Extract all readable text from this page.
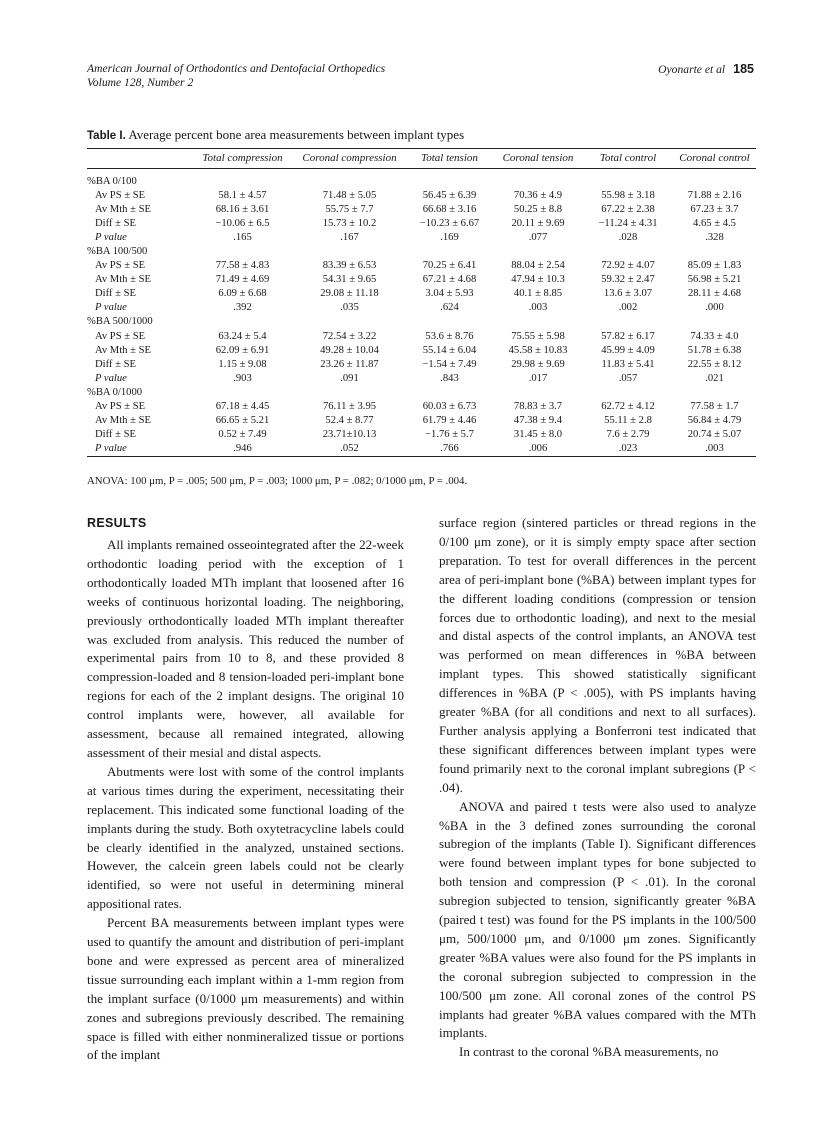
American Journal of Orthodontics and Dentofacial Orthopedics
Volume 128, Number 2
Oyonarte et al 185
Table I. Average percent bone area measurements between implant types
	Total compression	Coronal compression	Total tension	Coronal tension	Total control	Coronal control

%BA 0/100						
Av PS ± SE	58.1 ± 4.57	71.48 ± 5.05	56.45 ± 6.39	70.36 ± 4.9	55.98 ± 3.18	71.88 ± 2.16
Av Mth ± SE	68.16 ± 3.61	55.75 ± 7.7	66.68 ± 3.16	50.25 ± 8.8	67.22 ± 2.38	67.23 ± 3.7
Diff ± SE	−10.06 ± 6.5	15.73 ± 10.2	−10.23 ± 6.67	20.11 ± 9.69	−11.24 ± 4.31	4.65 ± 4.5
P value	.165	.167	.169	.077	.028	.328
%BA 100/500						
Av PS ± SE	77.58 ± 4.83	83.39 ± 6.53	70.25 ± 6.41	88.04 ± 2.54	72.92 ± 4.07	85.09 ± 1.83
Av Mth ± SE	71.49 ± 4.69	54.31 ± 9.65	67.21 ± 4.68	47.94 ± 10.3	59.32 ± 2.47	56.98 ± 5.21
Diff ± SE	6.09 ± 6.68	29.08 ± 11.18	3.04 ± 5.93	40.1 ± 8.85	13.6 ± 3.07	28.11 ± 4.68
P value	.392	.035	.624	.003	.002	.000
%BA 500/1000						
Av PS ± SE	63.24 ± 5.4	72.54 ± 3.22	53.6 ± 8.76	75.55 ± 5.98	57.82 ± 6.17	74.33 ± 4.0
Av Mth ± SE	62.09 ± 6.91	49.28 ± 10.04	55.14 ± 6.04	45.58 ± 10.83	45.99 ± 4.09	51.78 ± 6.38
Diff ± SE	1.15 ± 9.08	23.26 ± 11.87	−1.54 ± 7.49	29.98 ± 9.69	11.83 ± 5.41	22.55 ± 8.12
P value	.903	.091	.843	.017	.057	.021
%BA 0/1000						
Av PS ± SE	67.18 ± 4.45	76.11 ± 3.95	60.03 ± 6.73	78.83 ± 3.7	62.72 ± 4.12	77.58 ± 1.7
Av Mth ± SE	66.65 ± 5.21	52.4 ± 8.77	61.79 ± 4.46	47.38 ± 9.4	55.11 ± 2.8	56.84 ± 4.79
Diff ± SE	0.52 ± 7.49	23.71±10.13	−1.76 ± 5.7	31.45 ± 8.0	7.6 ± 2.79	20.74 ± 5.07
P value	.946	.052	.766	.006	.023	.003
ANOVA: 100 μm, P = .005; 500 μm, P = .003; 1000 μm, P = .082; 0/1000 μm, P = .004.
RESULTS

All implants remained osseointegrated after the 22-week orthodontic loading period with the exception of 1 orthodontically loaded MTh implant that loosened after 16 weeks of continuous horizontal loading. The neighboring, previously orthodontically loaded MTh implant thereafter was excluded from analysis. This reduced the number of experimental pairs from 10 to 8, and these provided 8 compression-loaded and 8 tension-loaded peri-implant bone regions for each of the 2 implant designs. The original 10 control implants were, however, all available for assessment, because all remained integrated, allowing assessment of their mesial and distal aspects.

Abutments were lost with some of the control implants at various times during the experiment, necessitating their replacement. This indicated some functional loading of the implants during the study. Both oxytetracycline labels could be clearly identified in the analyzed, unstained sections. However, the calcein green labels could not be clearly identified, so were not useful in determining mineral appositional rates.

Percent BA measurements between implant types were used to quantify the amount and distribution of peri-implant bone and were expressed as percent area of mineralized tissue surrounding each implant within a 1-mm region from the implant surface (0/1000 μm measurements) and within zones and subregions previously described. The remaining space is filled with either nonmineralized tissue or portions of the implant

surface region (sintered particles or thread regions in the 0/100 μm zone), or it is simply empty space after section preparation. To test for overall differences in the percent area of peri-implant bone (%BA) between implant types for the different loading conditions (compression or tension forces due to orthodontic loading), and next to the mesial and distal aspects of the control implants, an ANOVA test was performed on mean differences in %BA between implant types. This showed statistically significant differences in %BA (P < .005), with PS implants having greater %BA (for all conditions and next to all surfaces). Further analysis applying a Bonferroni test indicated that these significant differences between implant types were found primarily next to the coronal implant subregions (P < .04).

ANOVA and paired t tests were also used to analyze %BA in the 3 defined zones surrounding the coronal subregion of the implants (Table I). Significant differences were found between implant types for bone subjected to both tension and compression (P < .01). In the coronal subregion subjected to tension, significantly greater %BA (paired t test) was found for the PS implants in the 100/500 μm, 500/1000 μm, and 0/1000 μm zones. Significantly greater %BA values were also found for the PS implants in the coronal subregion subjected to compression in the 100/500 μm zone. All coronal zones of the control PS implants had greater %BA values compared with the MTh implants.

In contrast to the coronal %BA measurements, no
